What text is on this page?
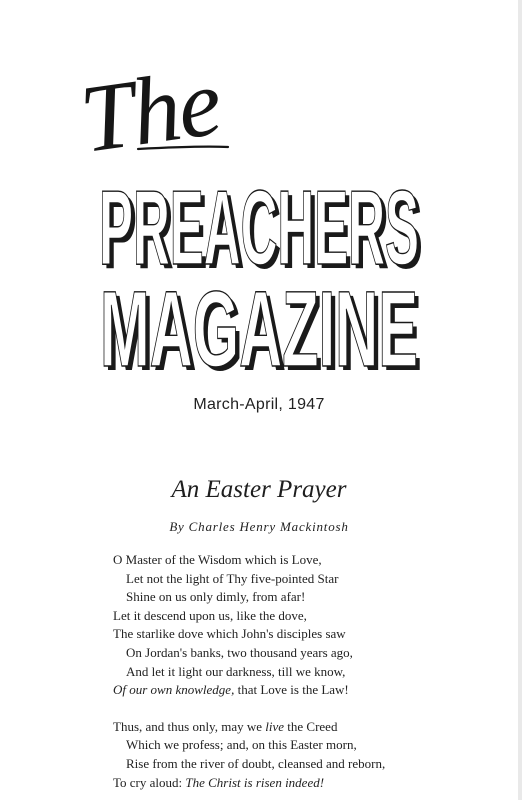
The
PREACHERS
PREACHERS
MAGAZINE
MAGAZINE
March-April, 1947
An Easter Prayer
By Charles Henry Mackintosh
O Master of the Wisdom which is Love,
Let not the light of Thy five-pointed Star
Shine on us only dimly, from afar!
Let it descend upon us, like the dove,
The starlike dove which John's disciples saw
On Jordan's banks, two thousand years ago,
And let it light our darkness, till we know,
Of our own knowledge, that Love is the Law!
Thus, and thus only, may we live the Creed
Which we profess; and, on this Easter morn,
Rise from the river of doubt, cleansed and reborn,
To cry aloud: The Christ is risen indeed!
